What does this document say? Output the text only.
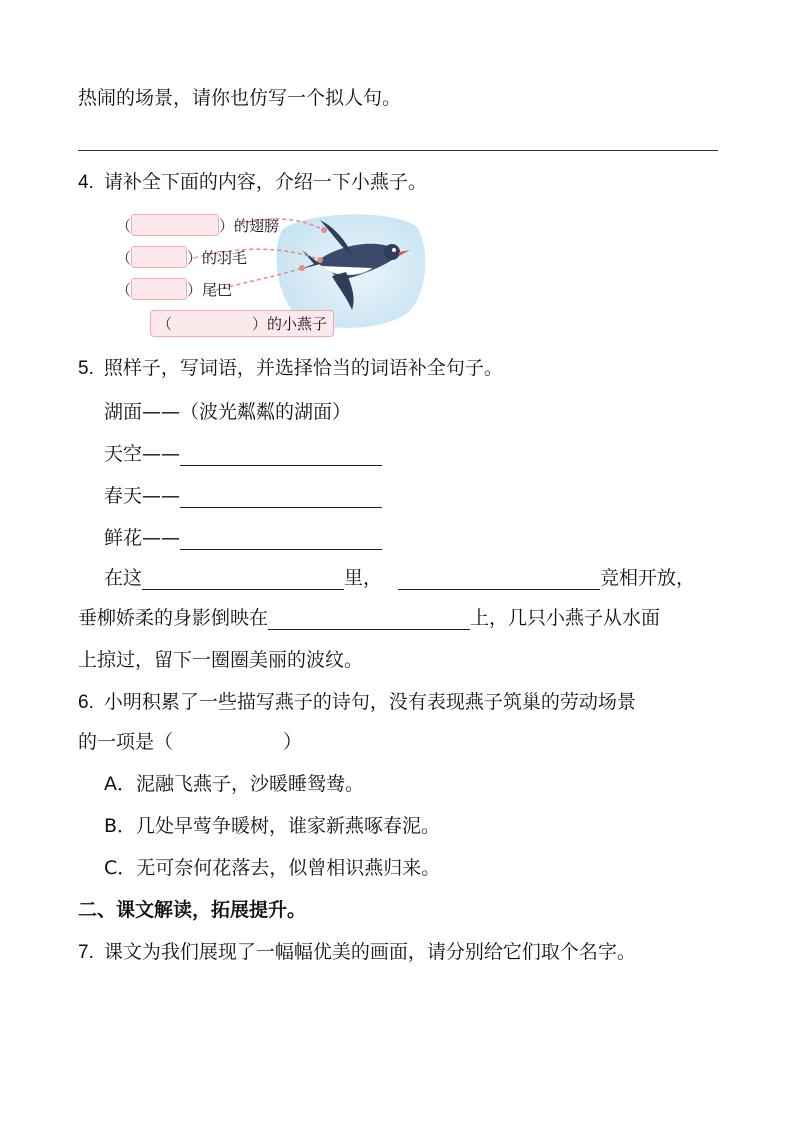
热闹的场景，请你也仿写一个拟人句。
4. 请补全下面的内容，介绍一下小燕子。
（	） 的翅膀
（	） 的羽毛
（	） 尾巴
（	） 的小燕子
5. 照样子，写词语，并选择恰当的词语补全句子。
湖面——（波光粼粼的湖面）
天空——
春天——
鲜花——
在这	里，	竞相开放，
垂柳娇柔的身影倒映在	上，几只小燕子从水面
上掠过，留下一圈圈美丽的波纹。
6. 小明积累了一些描写燕子的诗句，没有表现燕子筑巢的劳动场景
的一项是（	）
A．泥融飞燕子，沙暖睡鸳鸯。
B．几处早莺争暖树，谁家新燕啄春泥。
C．无可奈何花落去，似曾相识燕归来。
二、课文解读，拓展提升。
7. 课文为我们展现了一幅幅优美的画面，请分别给它们取个名字。
